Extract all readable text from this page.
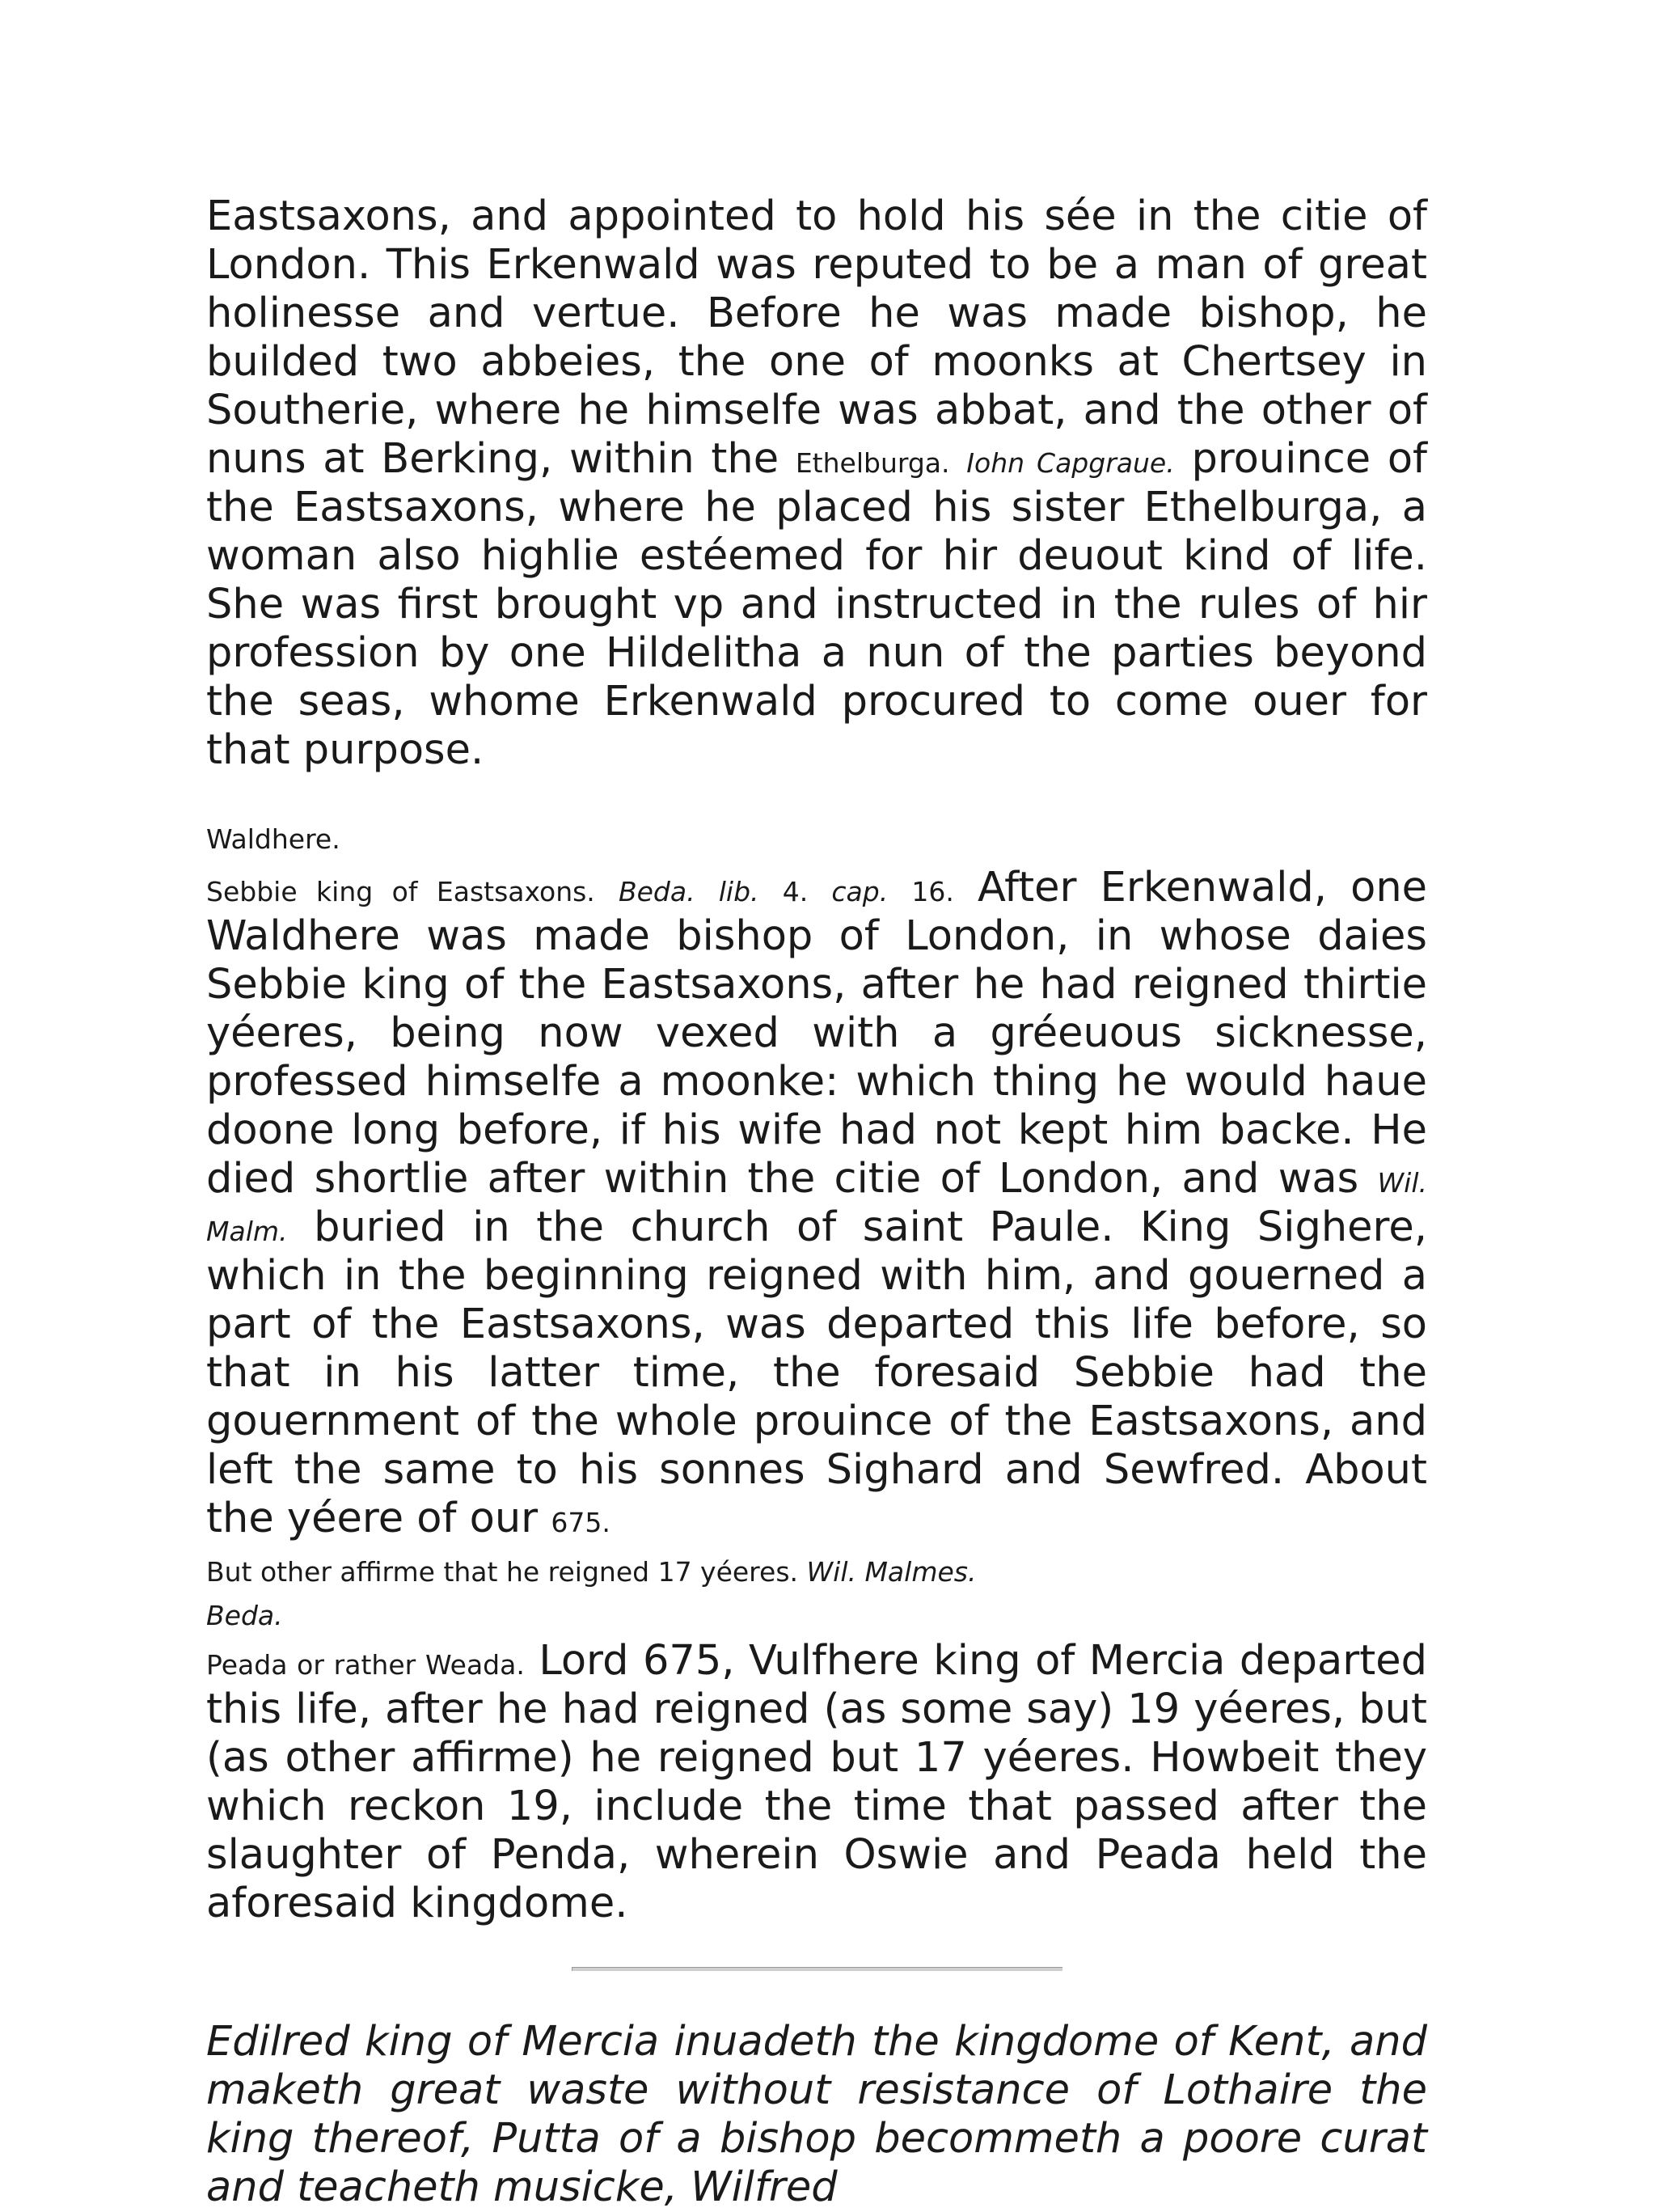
Eastsaxons, and appointed to hold his sée in the citie of London. This Erkenwald was reputed to be a man of great holinesse and vertue. Before he was made bishop, he builded two abbeies, the one of moonks at Chertsey in Southerie, where he himselfe was abbat, and the other of nuns at Berking, within the Ethelburga. Iohn Capgraue. prouince of the Eastsaxons, where he placed his sister Ethelburga, a woman also highlie estéemed for hir deuout kind of life. She was first brought vp and instructed in the rules of hir profession by one Hildelitha a nun of the parties beyond the seas, whome Erkenwald procured to come ouer for that purpose.

Waldhere.

Sebbie king of Eastsaxons. Beda. lib. 4. cap. 16. After Erkenwald, one Waldhere was made bishop of London, in whose daies Sebbie king of the Eastsaxons, after he had reigned thirtie yéeres, being now vexed with a gréeuous sicknesse, professed himselfe a moonke: which thing he would haue doone long before, if his wife had not kept him backe. He died shortlie after within the citie of London, and was Wil. Malm. buried in the church of saint Paule. King Sighere, which in the beginning reigned with him, and gouerned a part of the Eastsaxons, was departed this life before, so that in his latter time, the foresaid Sebbie had the gouernment of the whole prouince of the Eastsaxons, and left the same to his sonnes Sighard and Sewfred. About the yéere of our 675.

But other affirme that he reigned 17 yéeres. Wil. Malmes.

Beda.

Peada or rather Weada. Lord 675, Vulfhere king of Mercia departed this life, after he had reigned (as some say) 19 yéeres, but (as other affirme) he reigned but 17 yéeres. Howbeit they which reckon 19, include the time that passed after the slaughter of Penda, wherein Oswie and Peada held the aforesaid kingdome.

Edilred king of Mercia inuadeth the kingdome of Kent, and maketh great waste without resistance of Lothaire the king thereof, Putta of a bishop becommeth a poore curat and teacheth musicke, Wilfred
